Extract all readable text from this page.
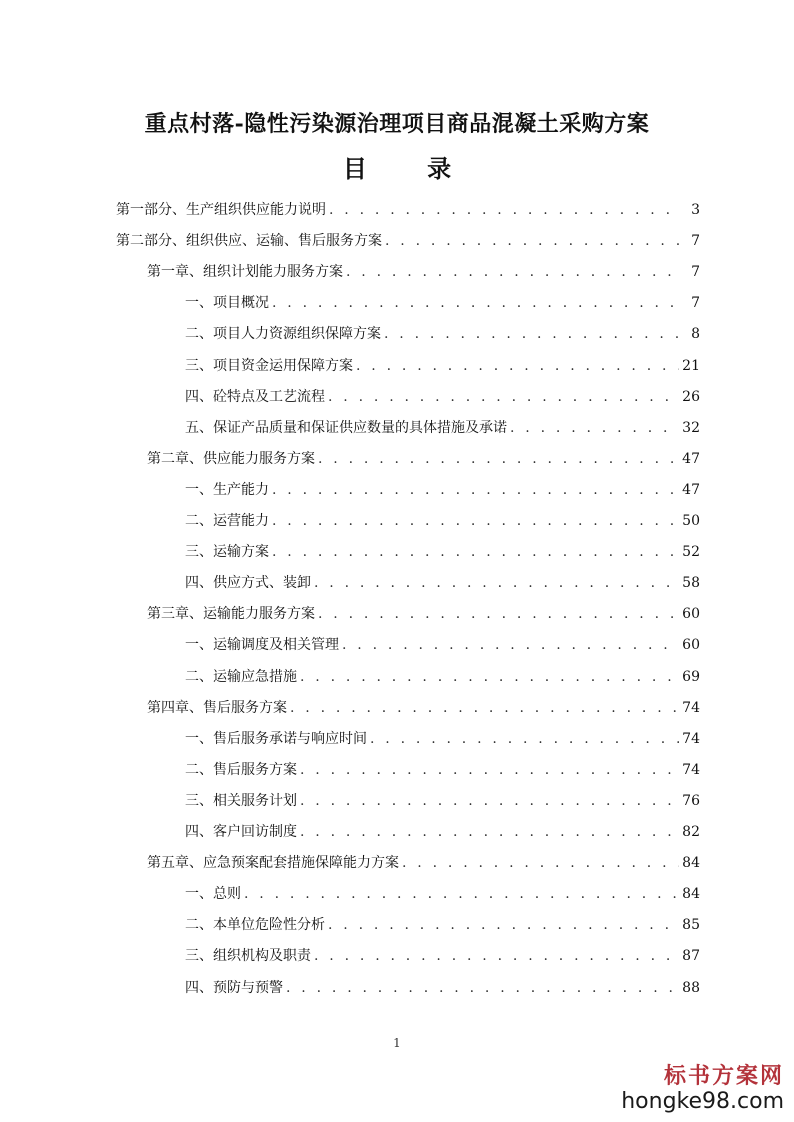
重点村落-隐性污染源治理项目商品混凝土采购方案
目 录
第一部分、生产组织供应能力说明 . . .	3
第二部分、组织供应、运输、售后服务方案 . . .	7
第一章、组织计划能力服务方案 . . .	7
一、项目概况 . . .	7
二、项目人力资源组织保障方案 . . .	8
三、项目资金运用保障方案 . . .	21
四、砼特点及工艺流程 . . .	26
五、保证产品质量和保证供应数量的具体措施及承诺 . . .	32
第二章、供应能力服务方案 . . .	47
一、生产能力 . . .	47
二、运营能力 . . .	50
三、运输方案 . . .	52
四、供应方式、装卸 . . .	58
第三章、运输能力服务方案 . . .	60
一、运输调度及相关管理 . . .	60
二、运输应急措施 . . .	69
第四章、售后服务方案 . . .	74
一、售后服务承诺与响应时间 . . .	74
二、售后服务方案 . . .	74
三、相关服务计划 . . .	76
四、客户回访制度 . . .	82
第五章、应急预案配套措施保障能力方案 . . .	84
一、总则 . . .	84
二、本单位危险性分析 . . .	85
三、组织机构及职责 . . .	87
四、预防与预警 . . .	88
1
标书方案网
hongke98.com
